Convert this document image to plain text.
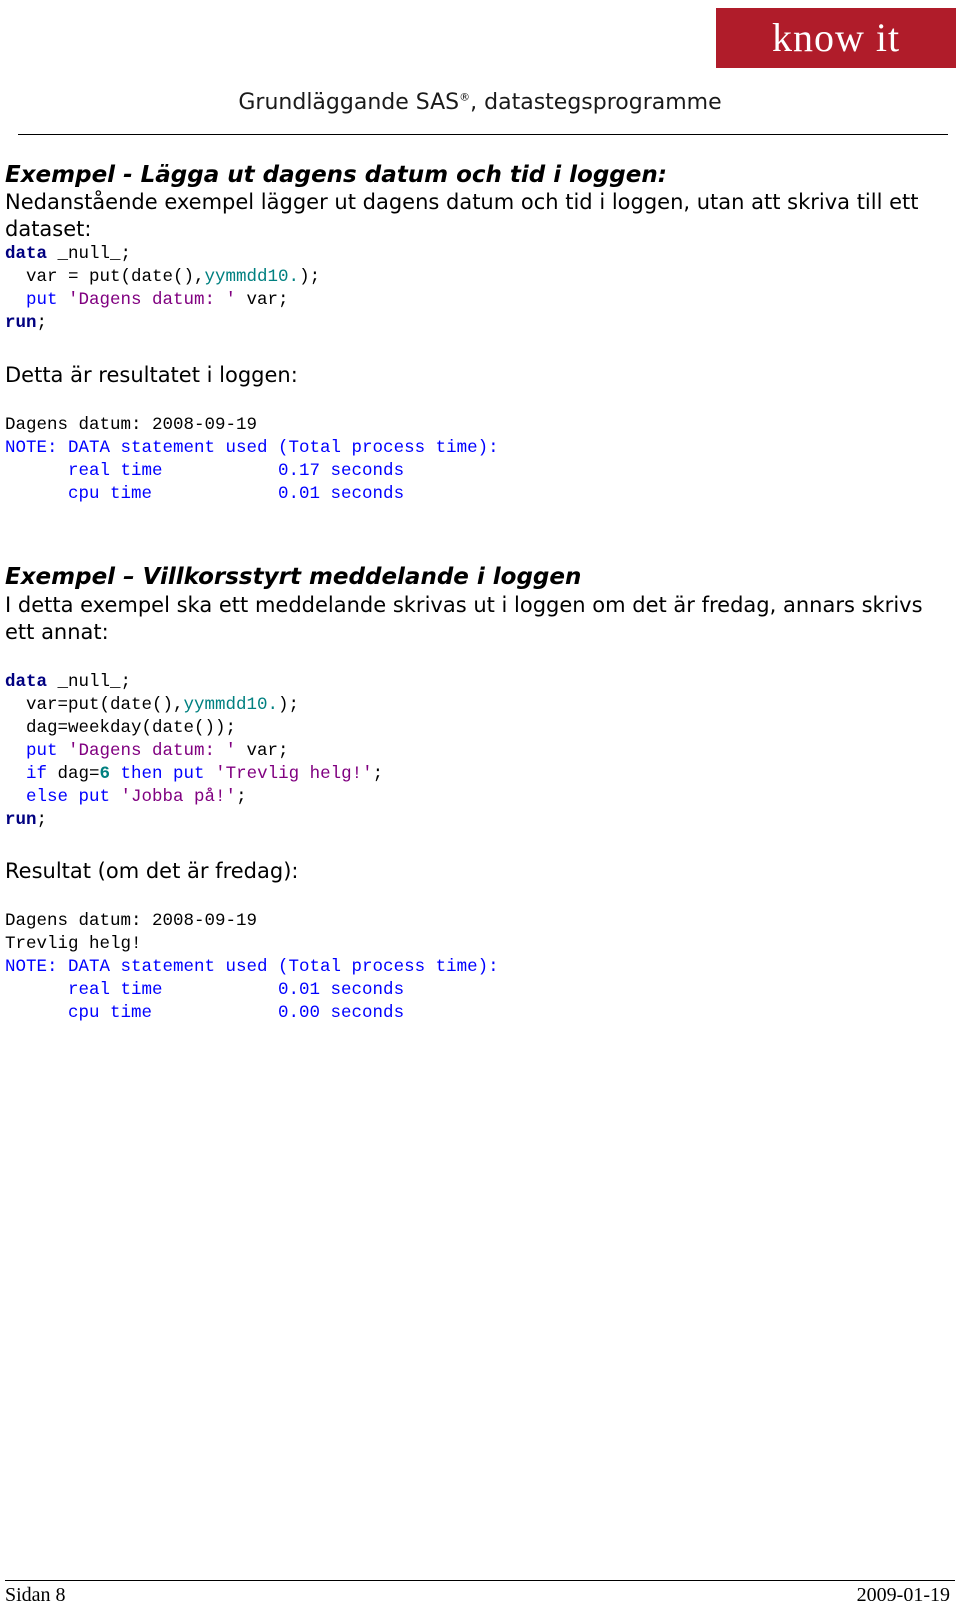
know it
Grundläggande SAS®, datastegsprogramme
Exempel - Lägga ut dagens datum och tid i loggen:
Nedanstående exempel lägger ut dagens datum och tid i loggen, utan att skriva till ett dataset:
data _null_;
var = put(date(),yymmdd10.);
put 'Dagens datum: ' var;
run;
Detta är resultatet i loggen:
Dagens datum: 2008-09-19
NOTE: DATA statement used (Total process time):
real time           0.17 seconds
cpu time            0.01 seconds
Exempel – Villkorsstyrt meddelande i loggen
I detta exempel ska ett meddelande skrivas ut i loggen om det är fredag, annars skrivs ett annat:
data _null_;
var=put(date(),yymmdd10.);
dag=weekday(date());
put 'Dagens datum: ' var;
if dag=6 then put 'Trevlig helg!';
else put 'Jobba på!';
run;
Resultat (om det är fredag):
Dagens datum: 2008-09-19
Trevlig helg!
NOTE: DATA statement used (Total process time):
real time           0.01 seconds
cpu time            0.00 seconds
Sidan 8	2009-01-19
